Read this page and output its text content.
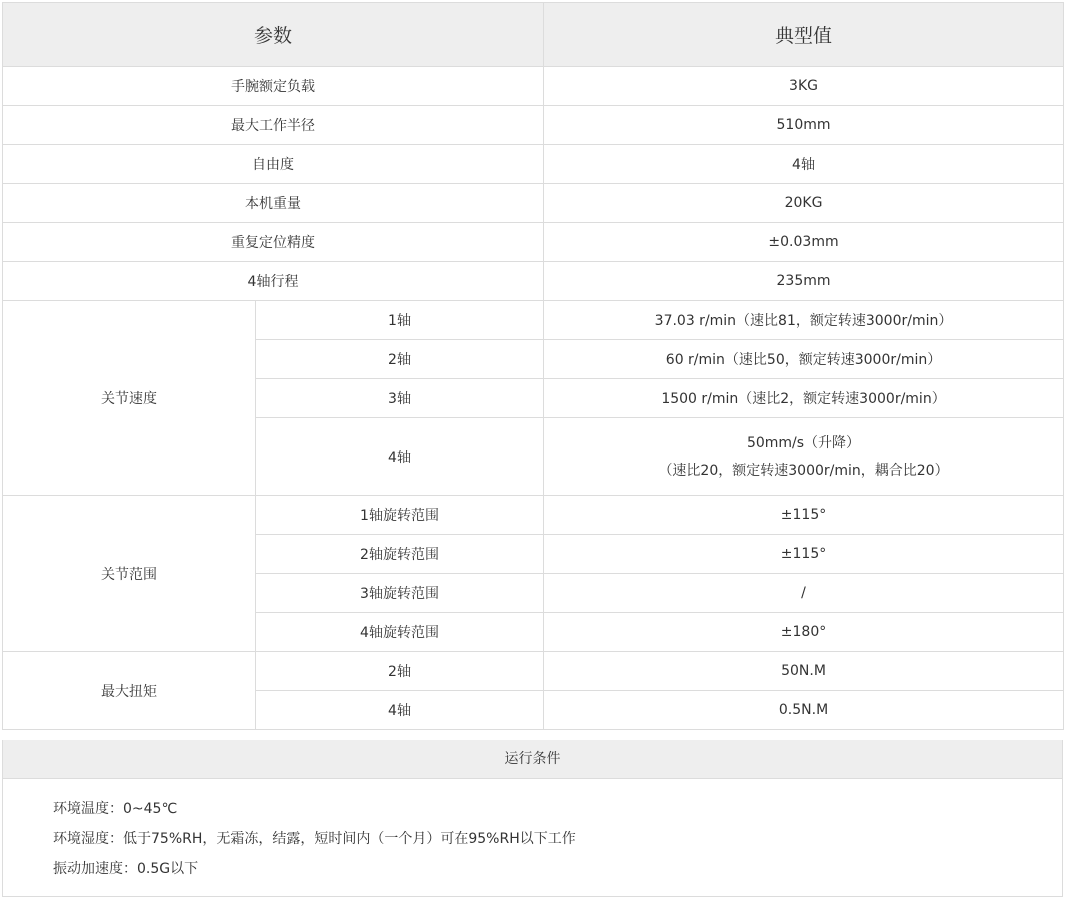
参数		典型值
手腕额定负载		3KG
最大工作半径		510mm
自由度		4轴
本机重量		20KG
重复定位精度		±0.03mm
4轴行程		235mm
关节速度	1轴	37.03 r/min（速比81，额定转速3000r/min）
	2轴	60 r/min（速比50，额定转速3000r/min）
	3轴	1500 r/min（速比2，额定转速3000r/min）
	4轴	50mm/s（升降）
（速比20，额定转速3000r/min，耦合比20）

关节范围	1轴旋转范围	±115°
	2轴旋转范围	±115°
	3轴旋转范围	/
	4轴旋转范围	±180°
最大扭矩	2轴	50N.M
	4轴	0.5N.M
运行条件
环境温度：0~45℃
环境湿度：低于75%RH，无霜冻，结露，短时间内（一个月）可在95%RH以下工作
振动加速度：0.5G以下
